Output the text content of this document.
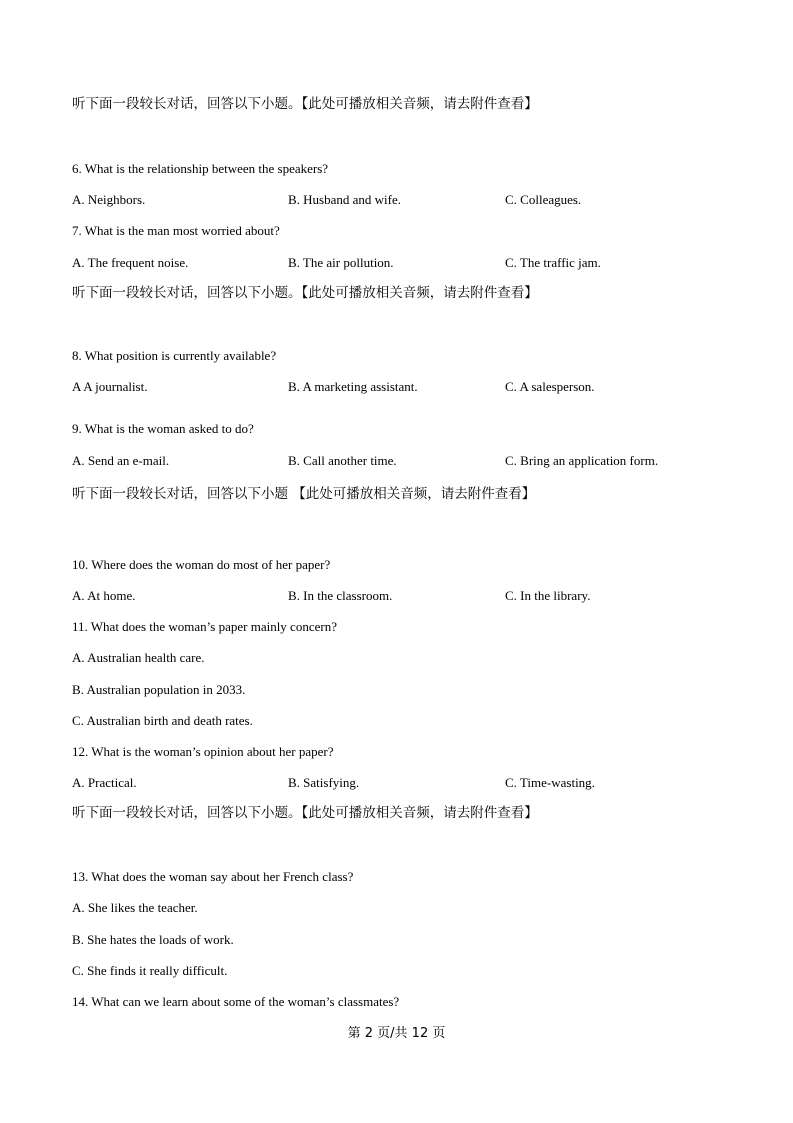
听下面一段较长对话，回答以下小题。【此处可播放相关音频，请去附件查看】
6. What is the relationship between the speakers?
A. Neighbors.	B. Husband and wife.	C. Colleagues.
7. What is the man most worried about?
A. The frequent noise.	B. The air pollution.	C. The traffic jam.
听下面一段较长对话，回答以下小题。【此处可播放相关音频，请去附件查看】
8. What position is currently available?
A A journalist.	B. A marketing assistant.	C. A salesperson.
9. What is the woman asked to do?
A. Send an e-mail.	B. Call another time.	C. Bring an application form.
听下面一段较长对话，回答以下小题 【此处可播放相关音频，请去附件查看】
10. Where does the woman do most of her paper?
A. At home.	B. In the classroom.	C. In the library.
11. What does the woman’s paper mainly concern?
A. Australian health care.
B. Australian population in 2033.
C. Australian birth and death rates.
12. What is the woman’s opinion about her paper?
A. Practical.	B. Satisfying.	C. Time-wasting.
听下面一段较长对话，回答以下小题。【此处可播放相关音频，请去附件查看】
13. What does the woman say about her French class?
A. She likes the teacher.
B. She hates the loads of work.
C. She finds it really difficult.
14. What can we learn about some of the woman’s classmates?
第 2 页/共 12 页
